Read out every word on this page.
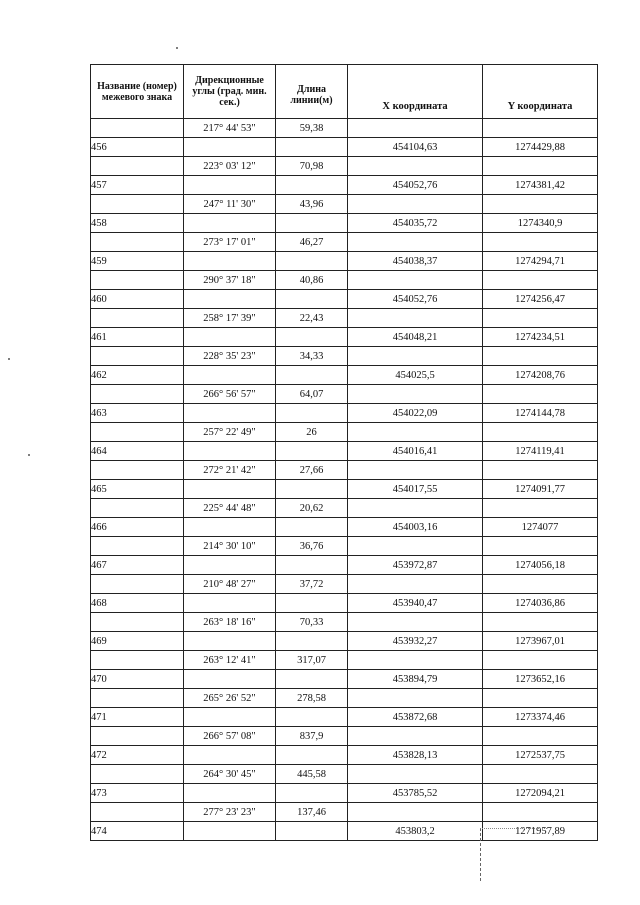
Название (номер) межевого знака	Дирекционные углы (град. мин. сек.)	Длина линии(м)	Х координата	Y координата
	217° 44' 53"	59,38		
456			454104,63	1274429,88
	223° 03' 12"	70,98		
457			454052,76	1274381,42
	247° 11' 30"	43,96		
458			454035,72	1274340,9
	273° 17' 01"	46,27		
459			454038,37	1274294,71
	290° 37' 18"	40,86		
460			454052,76	1274256,47
	258° 17' 39"	22,43		
461			454048,21	1274234,51
	228° 35' 23"	34,33		
462			454025,5	1274208,76
	266° 56' 57"	64,07		
463			454022,09	1274144,78
	257° 22' 49"	26		
464			454016,41	1274119,41
	272° 21' 42"	27,66		
465			454017,55	1274091,77
	225° 44' 48"	20,62		
466			454003,16	1274077
	214° 30' 10"	36,76		
467			453972,87	1274056,18
	210° 48' 27"	37,72		
468			453940,47	1274036,86
	263° 18' 16"	70,33		
469			453932,27	1273967,01
	263° 12' 41"	317,07		
470			453894,79	1273652,16
	265° 26' 52"	278,58		
471			453872,68	1273374,46
	266° 57' 08"	837,9		
472			453828,13	1272537,75
	264° 30' 45"	445,58		
473			453785,52	1272094,21
	277° 23' 23"	137,46		
474			453803,2	1271957,89
